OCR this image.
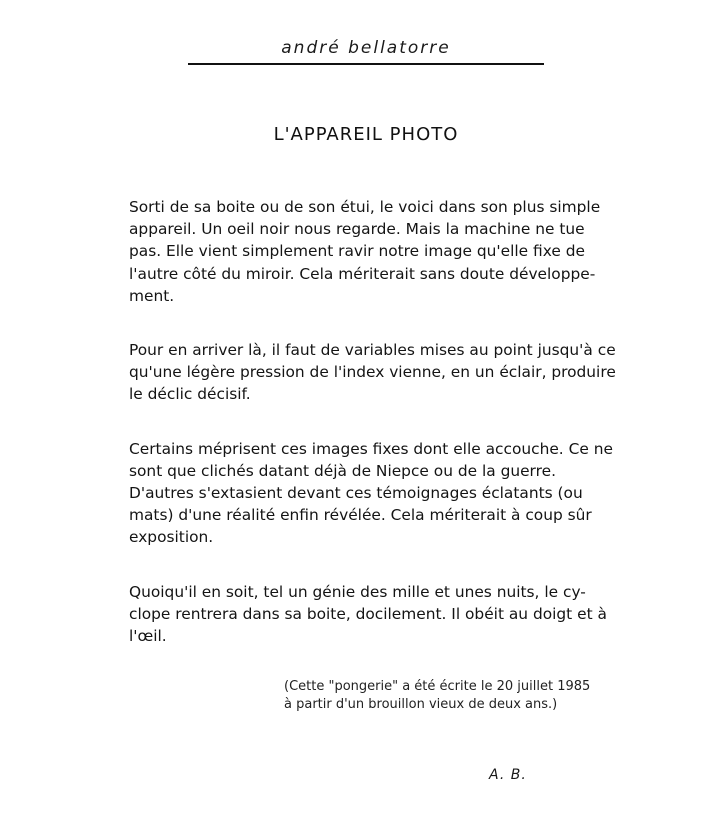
andré bellatorre
L'APPAREIL PHOTO

Sorti de sa boite ou de son étui, le voici dans son plus simple
appareil. Un oeil noir nous regarde. Mais la machine ne tue
pas. Elle vient simplement ravir notre image qu'elle fixe de
l'autre côté du miroir. Cela mériterait sans doute développe-
ment.

Pour en arriver là, il faut de variables mises au point jusqu'à ce
qu'une légère pression de l'index vienne, en un éclair, produire
le déclic décisif.

Certains méprisent ces images fixes dont elle accouche. Ce ne
sont que clichés datant déjà de Niepce ou de la guerre.
D'autres s'extasient devant ces témoignages éclatants (ou
mats) d'une réalité enfin révélée. Cela mériterait à coup sûr
exposition.

Quoiqu'il en soit, tel un génie des mille et unes nuits, le cy-
clope rentrera dans sa boite, docilement. Il obéit au doigt et à
l'œil.

(Cette "pongerie" a été écrite le 20 juillet 1985
à partir d'un brouillon vieux de deux ans.)
A. B.
